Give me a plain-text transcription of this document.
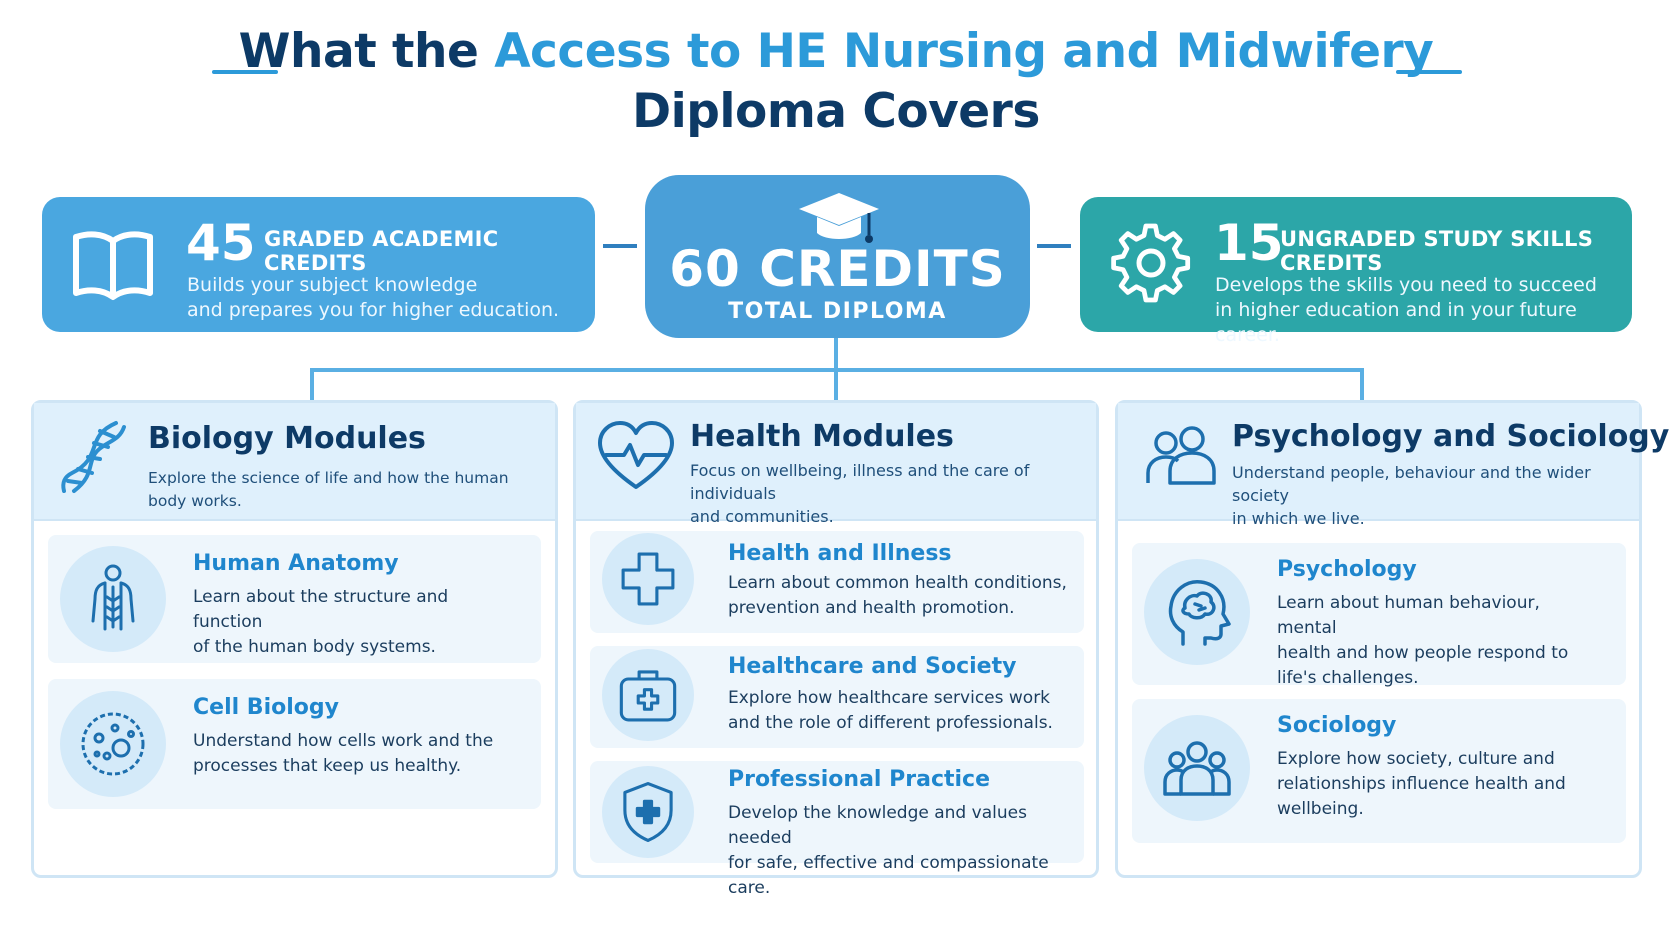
What the Access to HE Nursing and Midwifery
Diploma Covers
45 GRADED ACADEMIC CREDITS
Builds your subject knowledge
and prepares you for higher education.
60 CREDITS
TOTAL DIPLOMA
15
UNGRADED STUDY SKILLS CREDITS
Develops the skills you need to succeed
in higher education and in your future career.
Biology Modules
Explore the science of life and how the human body works.
Human Anatomy
Learn about the structure and function
of the human body systems.
Cell Biology
Understand how cells work and the
processes that keep us healthy.
Health Modules
Focus on wellbeing, illness and the care of individuals
and communities.
Health and Illness
Learn about common health conditions,
prevention and health promotion.
Healthcare and Society
Explore how healthcare services work
and the role of different professionals.
Professional Practice
Develop the knowledge and values needed
for safe, effective and compassionate care.
Psychology and Sociology
Understand people, behaviour and the wider society
in which we live.
Psychology
Learn about human behaviour, mental
health and how people respond to
life's challenges.
Sociology
Explore how society, culture and
relationships influence health and
wellbeing.
